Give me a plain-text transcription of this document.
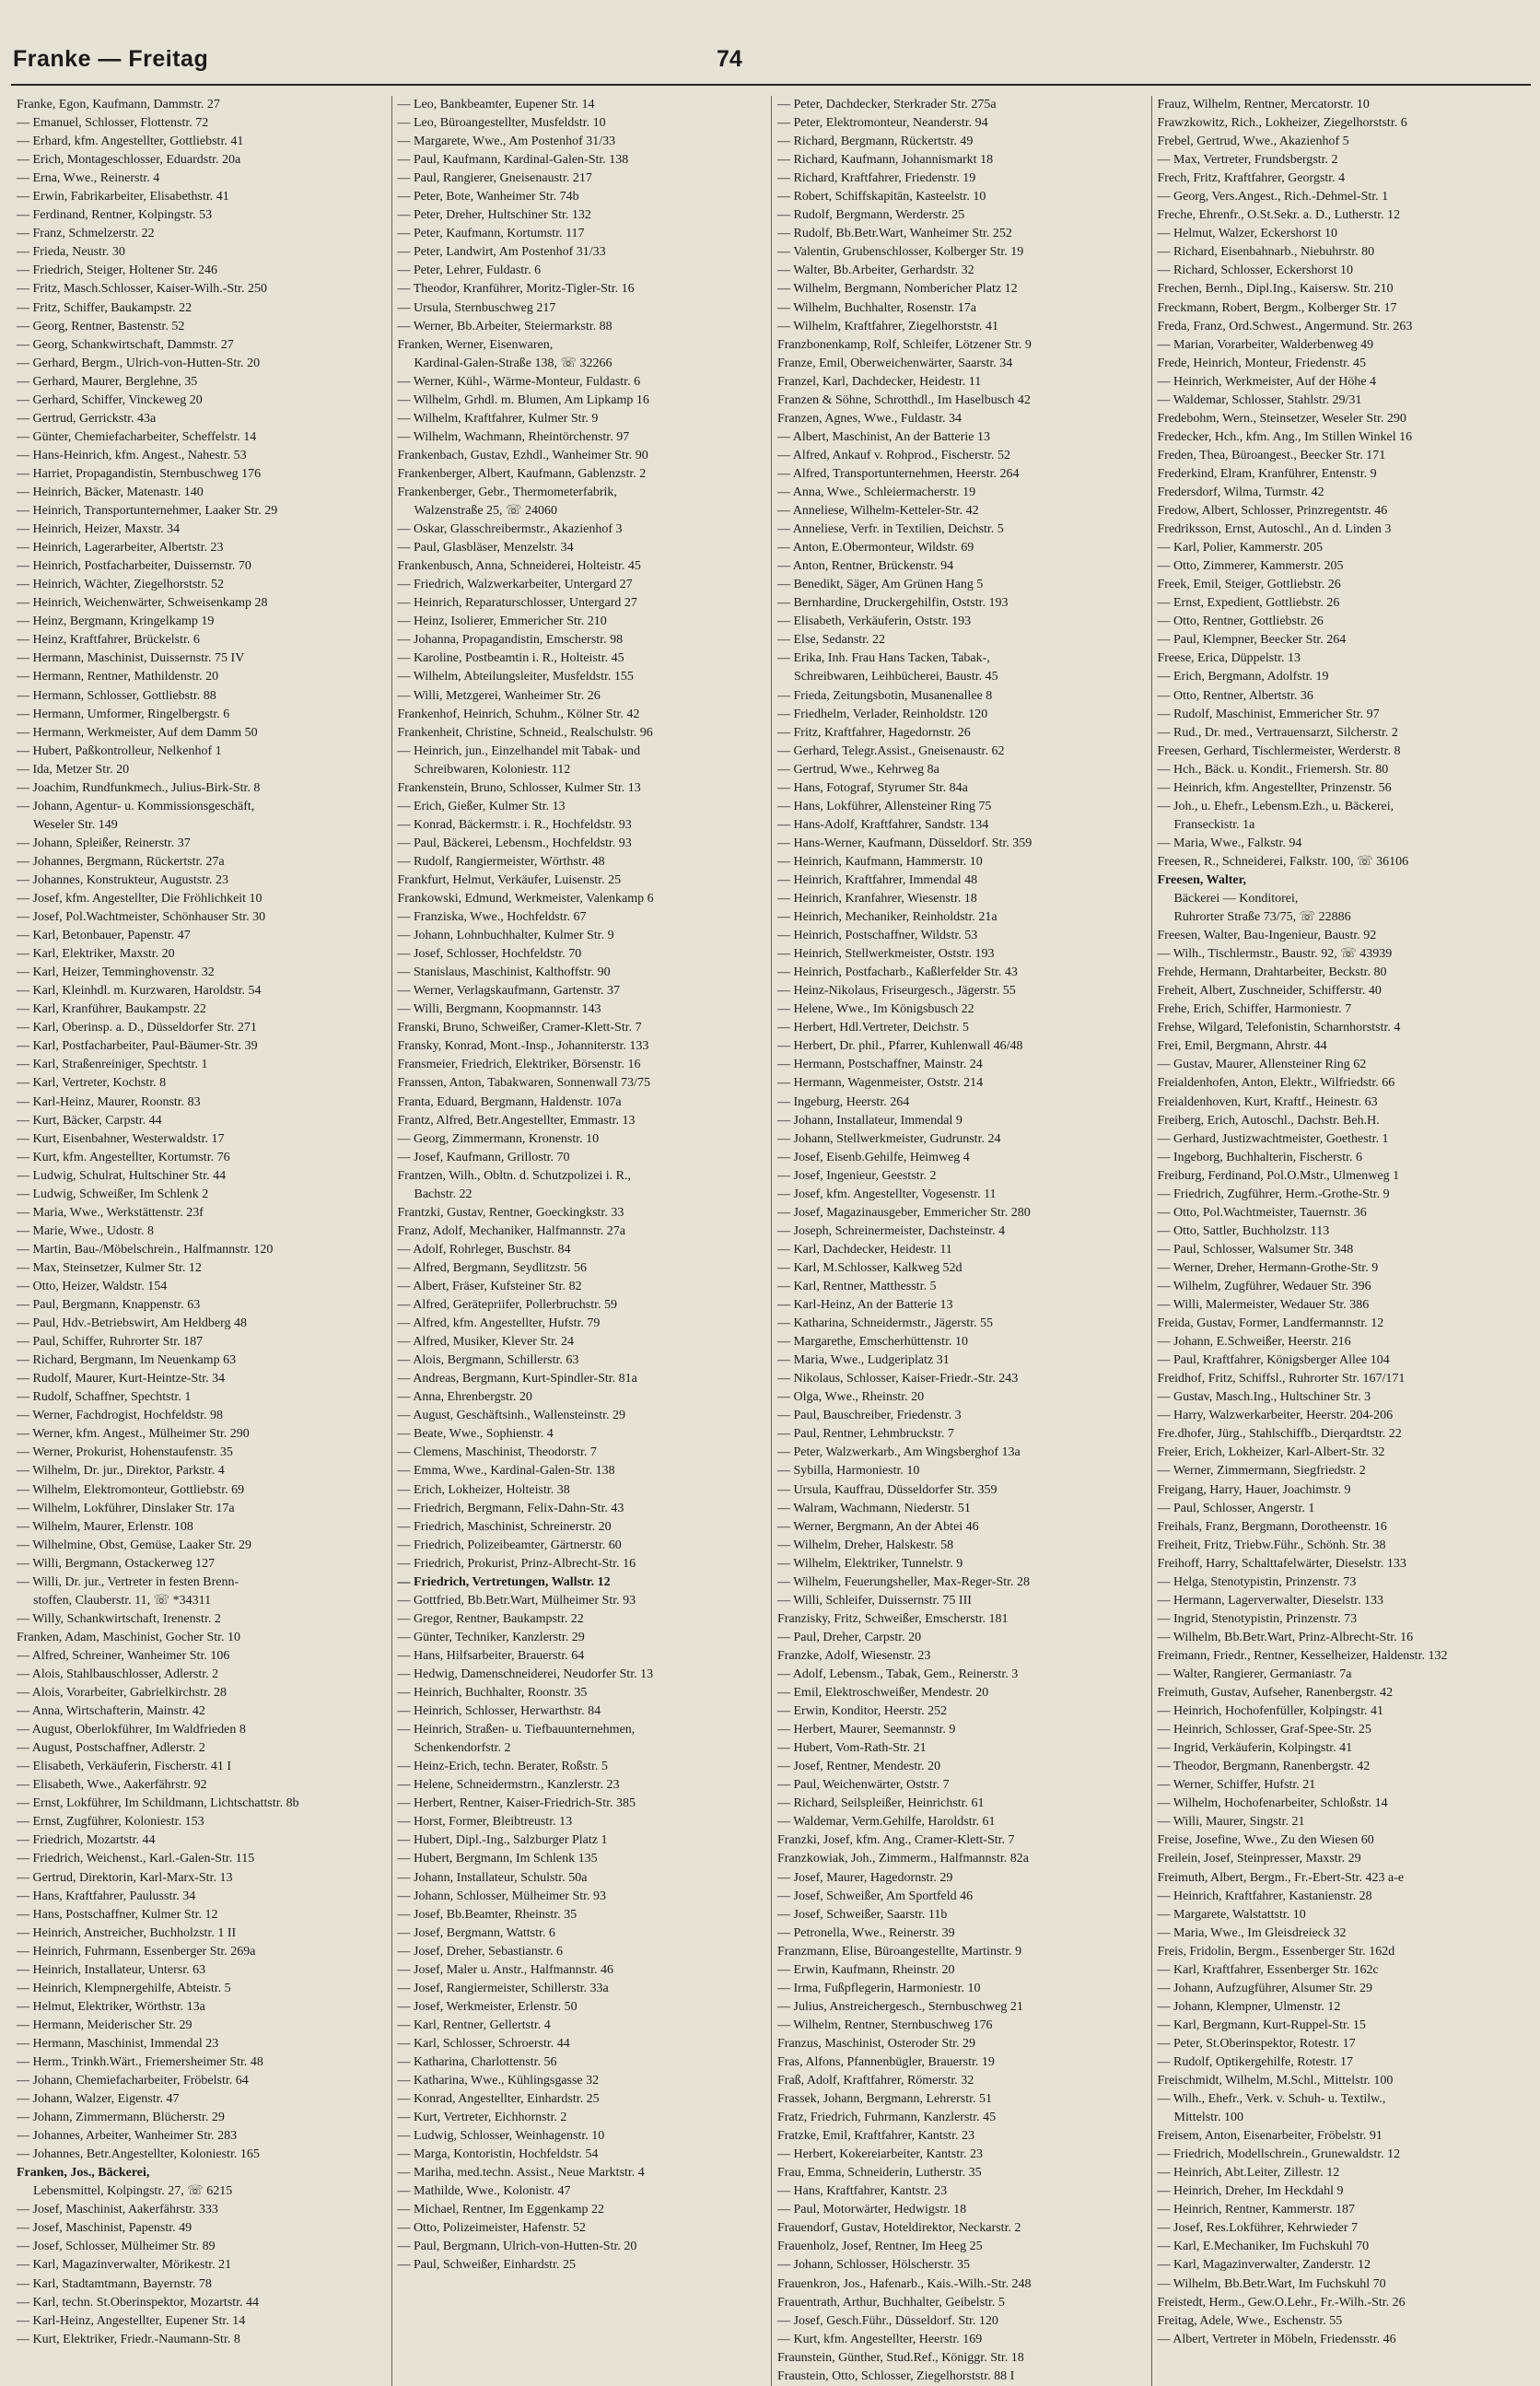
Franke — Freitag	74
Franke, Egon, Kaufmann, Dammstr. 27
— Emanuel, Schlosser, Flottenstr. 72
— Erhard, kfm. Angestellter, Gottliebstr. 41
— Erich, Montageschlosser, Eduardstr. 20a
— Erna, Wwe., Reinerstr. 4
— Erwin, Fabrikarbeiter, Elisabethstr. 41
— Ferdinand, Rentner, Kolpingstr. 53
— Franz, Schmelzerstr. 22
— Frieda, Neustr. 30
— Friedrich, Steiger, Holtener Str. 246
— Fritz, Masch.Schlosser, Kaiser-Wilh.-Str. 250
— Fritz, Schiffer, Baukampstr. 22
— Georg, Rentner, Bastenstr. 52
— Georg, Schankwirtschaft, Dammstr. 27
— Gerhard, Bergm., Ulrich-von-Hutten-Str. 20
— Gerhard, Maurer, Berglehne, 35
— Gerhard, Schiffer, Vinckeweg 20
— Gertrud, Gerrickstr. 43a
— Günter, Chemiefacharbeiter, Scheffelstr. 14
— Hans-Heinrich, kfm. Angest., Nahestr. 53
— Harriet, Propagandistin, Sternbuschweg 176
— Heinrich, Bäcker, Matenastr. 140
— Heinrich, Transportunternehmer, Laaker Str. 29
— Heinrich, Heizer, Maxstr. 34
— Heinrich, Lagerarbeiter, Albertstr. 23
— Heinrich, Postfacharbeiter, Duissernstr. 70
— Heinrich, Wächter, Ziegelhorststr. 52
— Heinrich, Weichenwärter, Schweisenkamp 28
— Heinz, Bergmann, Kringelkamp 19
— Heinz, Kraftfahrer, Brückelstr. 6
— Hermann, Maschinist, Duissernstr. 75 IV
— Hermann, Rentner, Mathildenstr. 20
— Hermann, Schlosser, Gottliebstr. 88
— Hermann, Umformer, Ringelbergstr. 6
— Hermann, Werkmeister, Auf dem Damm 50
— Hubert, Paßkontrolleur, Nelkenhof 1
— Ida, Metzer Str. 20
— Joachim, Rundfunkmech., Julius-Birk-Str. 8
— Johann, Agentur- u. Kommissionsgeschäft,
Weseler Str. 149
— Johann, Spleißer, Reinerstr. 37
— Johannes, Bergmann, Rückertstr. 27a
— Johannes, Konstrukteur, Auguststr. 23
— Josef, kfm. Angestellter, Die Fröhlichkeit 10
— Josef, Pol.Wachtmeister, Schönhauser Str. 30
— Karl, Betonbauer, Papenstr. 47
— Karl, Elektriker, Maxstr. 20
— Karl, Heizer, Temminghovenstr. 32
— Karl, Kleinhdl. m. Kurzwaren, Haroldstr. 54
— Karl, Kranführer, Baukampstr. 22
— Karl, Oberinsp. a. D., Düsseldorfer Str. 271
— Karl, Postfacharbeiter, Paul-Bäumer-Str. 39
— Karl, Straßenreiniger, Spechtstr. 1
— Karl, Vertreter, Kochstr. 8
— Karl-Heinz, Maurer, Roonstr. 83
— Kurt, Bäcker, Carpstr. 44
— Kurt, Eisenbahner, Westerwaldstr. 17
— Kurt, kfm. Angestellter, Kortumstr. 76
— Ludwig, Schulrat, Hultschiner Str. 44
— Ludwig, Schweißer, Im Schlenk 2
— Maria, Wwe., Werkstättenstr. 23f
— Marie, Wwe., Udostr. 8
— Martin, Bau-/Möbelschrein., Halfmannstr. 120
— Max, Steinsetzer, Kulmer Str. 12
— Otto, Heizer, Waldstr. 154
— Paul, Bergmann, Knappenstr. 63
— Paul, Hdv.-Betriebswirt, Am Heldberg 48
— Paul, Schiffer, Ruhrorter Str. 187
— Richard, Bergmann, Im Neuenkamp 63
— Rudolf, Maurer, Kurt-Heintze-Str. 34
— Rudolf, Schaffner, Spechtstr. 1
— Werner, Fachdrogist, Hochfeldstr. 98
— Werner, kfm. Angest., Mülheimer Str. 290
— Werner, Prokurist, Hohenstaufenstr. 35
— Wilhelm, Dr. jur., Direktor, Parkstr. 4
— Wilhelm, Elektromonteur, Gottliebstr. 69
— Wilhelm, Lokführer, Dinslaker Str. 17a
— Wilhelm, Maurer, Erlenstr. 108
— Wilhelmine, Obst, Gemüse, Laaker Str. 29
— Willi, Bergmann, Ostackerweg 127
— Willi, Dr. jur., Vertreter in festen Brenn-
stoffen, Clauberstr. 11, ☏ *34311
— Willy, Schankwirtschaft, Irenenstr. 2
Franken, Adam, Maschinist, Gocher Str. 10
— Alfred, Schreiner, Wanheimer Str. 106
— Alois, Stahlbauschlosser, Adlerstr. 2
— Alois, Vorarbeiter, Gabrielkirchstr. 28
— Anna, Wirtschafterin, Mainstr. 42
— August, Oberlokführer, Im Waldfrieden 8
— August, Postschaffner, Adlerstr. 2
— Elisabeth, Verkäuferin, Fischerstr. 41 I
— Elisabeth, Wwe., Aakerfährstr. 92
— Ernst, Lokführer, Im Schildmann, Lichtschattstr. 8b
— Ernst, Zugführer, Koloniestr. 153
— Friedrich, Mozartstr. 44
— Friedrich, Weichenst., Karl.-Galen-Str. 115
— Gertrud, Direktorin, Karl-Marx-Str. 13
— Hans, Kraftfahrer, Paulusstr. 34
— Hans, Postschaffner, Kulmer Str. 12
— Heinrich, Anstreicher, Buchholzstr. 1 II
— Heinrich, Fuhrmann, Essenberger Str. 269a
— Heinrich, Installateur, Untersr. 63
— Heinrich, Klempnergehilfe, Abteistr. 5
— Helmut, Elektriker, Wörthstr. 13a
— Hermann, Meiderischer Str. 29
— Hermann, Maschinist, Immendal 23
— Herm., Trinkh.Wärt., Friemersheimer Str. 48
— Johann, Chemiefacharbeiter, Fröbelstr. 64
— Johann, Walzer, Eigenstr. 47
— Johann, Zimmermann, Blücherstr. 29
— Johannes, Arbeiter, Wanheimer Str. 283
— Johannes, Betr.Angestellter, Koloniestr. 165
Franken, Jos., Bäckerei,
Lebensmittel, Kolpingstr. 27, ☏ 6215
— Josef, Maschinist, Aakerfährstr. 333
— Josef, Maschinist, Papenstr. 49
— Josef, Schlosser, Mülheimer Str. 89
— Karl, Magazinverwalter, Mörikestr. 21
— Karl, Stadtamtmann, Bayernstr. 78
— Karl, techn. St.Oberinspektor, Mozartstr. 44
— Karl-Heinz, Angestellter, Eupener Str. 14
— Kurt, Elektriker, Friedr.-Naumann-Str. 8
— Leo, Bankbeamter, Eupener Str. 14
— Leo, Büroangestellter, Musfeldstr. 10
— Margarete, Wwe., Am Postenhof 31/33
— Paul, Kaufmann, Kardinal-Galen-Str. 138
— Paul, Rangierer, Gneisenaustr. 217
— Peter, Bote, Wanheimer Str. 74b
— Peter, Dreher, Hultschiner Str. 132
— Peter, Kaufmann, Kortumstr. 117
— Peter, Landwirt, Am Postenhof 31/33
— Peter, Lehrer, Fuldastr. 6
— Theodor, Kranführer, Moritz-Tigler-Str. 16
— Ursula, Sternbuschweg 217
— Werner, Bb.Arbeiter, Steiermarkstr. 88
Franken, Werner, Eisenwaren,
Kardinal-Galen-Straße 138, ☏ 32266
— Werner, Kühl-, Wärme-Monteur, Fuldastr. 6
— Wilhelm, Grhdl. m. Blumen, Am Lipkamp 16
— Wilhelm, Kraftfahrer, Kulmer Str. 9
— Wilhelm, Wachmann, Rheintörchenstr. 97
Frankenbach, Gustav, Ezhdl., Wanheimer Str. 90
Frankenberger, Albert, Kaufmann, Gablenzstr. 2
Frankenberger, Gebr., Thermometerfabrik,
Walzenstraße 25, ☏ 24060
— Oskar, Glasschreibermstr., Akazienhof 3
— Paul, Glasbläser, Menzelstr. 34
Frankenbusch, Anna, Schneiderei, Holteistr. 45
— Friedrich, Walzwerkarbeiter, Untergard 27
— Heinrich, Reparaturschlosser, Untergard 27
— Heinz, Isolierer, Emmericher Str. 210
— Johanna, Propagandistin, Emscherstr. 98
— Karoline, Postbeamtin i. R., Holteistr. 45
— Wilhelm, Abteilungsleiter, Musfeldstr. 155
— Willi, Metzgerei, Wanheimer Str. 26
Frankenhof, Heinrich, Schuhm., Kölner Str. 42
Frankenheit, Christine, Schneid., Realschulstr. 96
— Heinrich, jun., Einzelhandel mit Tabak- und
Schreibwaren, Koloniestr. 112
Frankenstein, Bruno, Schlosser, Kulmer Str. 13
— Erich, Gießer, Kulmer Str. 13
— Konrad, Bäckermstr. i. R., Hochfeldstr. 93
— Paul, Bäckerei, Lebensm., Hochfeldstr. 93
— Rudolf, Rangiermeister, Wörthstr. 48
Frankfurt, Helmut, Verkäufer, Luisenstr. 25
Frankowski, Edmund, Werkmeister, Valenkamp 6
— Franziska, Wwe., Hochfeldstr. 67
— Johann, Lohnbuchhalter, Kulmer Str. 9
— Josef, Schlosser, Hochfeldstr. 70
— Stanislaus, Maschinist, Kalthoffstr. 90
— Werner, Verlagskaufmann, Gartenstr. 37
— Willi, Bergmann, Koopmannstr. 143
Franski, Bruno, Schweißer, Cramer-Klett-Str. 7
Fransky, Konrad, Mont.-Insp., Johanniterstr. 133
Fransmeier, Friedrich, Elektriker, Börsenstr. 16
Franssen, Anton, Tabakwaren, Sonnenwall 73/75
Franta, Eduard, Bergmann, Haldenstr. 107a
Frantz, Alfred, Betr.Angestellter, Emmastr. 13
— Georg, Zimmermann, Kronenstr. 10
— Josef, Kaufmann, Grillostr. 70
Frantzen, Wilh., Obltn. d. Schutzpolizei i. R.,
Bachstr. 22
Frantzki, Gustav, Rentner, Goeckingkstr. 33
Franz, Adolf, Mechaniker, Halfmannstr. 27a
— Adolf, Rohrleger, Buschstr. 84
— Alfred, Bergmann, Seydlitzstr. 56
— Albert, Fräser, Kufsteiner Str. 82
— Alfred, Gerätepriifer, Pollerbruchstr. 59
— Alfred, kfm. Angestellter, Hufstr. 79
— Alfred, Musiker, Klever Str. 24
— Alois, Bergmann, Schillerstr. 63
— Andreas, Bergmann, Kurt-Spindler-Str. 81a
— Anna, Ehrenbergstr. 20
— August, Geschäftsinh., Wallensteinstr. 29
— Beate, Wwe., Sophienstr. 4
— Clemens, Maschinist, Theodorstr. 7
— Emma, Wwe., Kardinal-Galen-Str. 138
— Erich, Lokheizer, Holteistr. 38
— Friedrich, Bergmann, Felix-Dahn-Str. 43
— Friedrich, Maschinist, Schreinerstr. 20
— Friedrich, Polizeibeamter, Gärtnerstr. 60
— Friedrich, Prokurist, Prinz-Albrecht-Str. 16
— Friedrich, Vertretungen, Wallstr. 12
— Gottfried, Bb.Betr.Wart, Mülheimer Str. 93
— Gregor, Rentner, Baukampstr. 22
— Günter, Techniker, Kanzlerstr. 29
— Hans, Hilfsarbeiter, Brauerstr. 64
— Hedwig, Damenschneiderei, Neudorfer Str. 13
— Heinrich, Buchhalter, Roonstr. 35
— Heinrich, Schlosser, Herwarthstr. 84
— Heinrich, Straßen- u. Tiefbauunternehmen,
Schenkendorfstr. 2
— Heinz-Erich, techn. Berater, Roßstr. 5
— Helene, Schneidermstrn., Kanzlerstr. 23
— Herbert, Rentner, Kaiser-Friedrich-Str. 385
— Horst, Former, Bleibtreustr. 13
— Hubert, Dipl.-Ing., Salzburger Platz 1
— Hubert, Bergmann, Im Schlenk 135
— Johann, Installateur, Schulstr. 50a
— Johann, Schlosser, Mülheimer Str. 93
— Josef, Bb.Beamter, Rheinstr. 35
— Josef, Bergmann, Wattstr. 6
— Josef, Dreher, Sebastianstr. 6
— Josef, Maler u. Anstr., Halfmannstr. 46
— Josef, Rangiermeister, Schillerstr. 33a
— Josef, Werkmeister, Erlenstr. 50
— Karl, Rentner, Gellertstr. 4
— Karl, Schlosser, Schroerstr. 44
— Katharina, Charlottenstr. 56
— Katharina, Wwe., Kühlingsgasse 32
— Konrad, Angestellter, Einhardstr. 25
— Kurt, Vertreter, Eichhornstr. 2
— Ludwig, Schlosser, Weinhagenstr. 10
— Marga, Kontoristin, Hochfeldstr. 54
— Mariha, med.techn. Assist., Neue Marktstr. 4
— Mathilde, Wwe., Kolonistr. 47
— Michael, Rentner, Im Eggenkamp 22
— Otto, Polizeimeister, Hafenstr. 52
— Paul, Bergmann, Ulrich-von-Hutten-Str. 20
— Paul, Schweißer, Einhardstr. 25
— Peter, Dachdecker, Sterkrader Str. 275a
— Peter, Elektromonteur, Neanderstr. 94
— Richard, Bergmann, Rückertstr. 49
— Richard, Kaufmann, Johannismarkt 18
— Richard, Kraftfahrer, Friedenstr. 19
— Robert, Schiffskapitän, Kasteelstr. 10
— Rudolf, Bergmann, Werderstr. 25
— Rudolf, Bb.Betr.Wart, Wanheimer Str. 252
— Valentin, Grubenschlosser, Kolberger Str. 19
— Walter, Bb.Arbeiter, Gerhardstr. 32
— Wilhelm, Bergmann, Nombericher Platz 12
— Wilhelm, Buchhalter, Rosenstr. 17a
— Wilhelm, Kraftfahrer, Ziegelhorststr. 41
Franzbonenkamp, Rolf, Schleifer, Lötzener Str. 9
Franze, Emil, Oberweichenwärter, Saarstr. 34
Franzel, Karl, Dachdecker, Heidestr. 11
Franzen & Söhne, Schrotthdl., Im Haselbusch 42
Franzen, Agnes, Wwe., Fuldastr. 34
— Albert, Maschinist, An der Batterie 13
— Alfred, Ankauf v. Rohprod., Fischerstr. 52
— Alfred, Transportunternehmen, Heerstr. 264
— Anna, Wwe., Schleiermacherstr. 19
— Anneliese, Wilhelm-Ketteler-Str. 42
— Anneliese, Verfr. in Textilien, Deichstr. 5
— Anton, E.Obermonteur, Wildstr. 69
— Anton, Rentner, Brückenstr. 94
— Benedikt, Säger, Am Grünen Hang 5
— Bernhardine, Druckergehilfin, Oststr. 193
— Elisabeth, Verkäuferin, Oststr. 193
— Else, Sedanstr. 22
— Erika, Inh. Frau Hans Tacken, Tabak-,
Schreibwaren, Leihbücherei, Baustr. 45
— Frieda, Zeitungsbotin, Musanenallee 8
— Friedhelm, Verlader, Reinholdstr. 120
— Fritz, Kraftfahrer, Hagedornstr. 26
— Gerhard, Telegr.Assist., Gneisenaustr. 62
— Gertrud, Wwe., Kehrweg 8a
— Hans, Fotograf, Styrumer Str. 84a
— Hans, Lokführer, Allensteiner Ring 75
— Hans-Adolf, Kraftfahrer, Sandstr. 134
— Hans-Werner, Kaufmann, Düsseldorf. Str. 359
— Heinrich, Kaufmann, Hammerstr. 10
— Heinrich, Kraftfahrer, Immendal 48
— Heinrich, Kranfahrer, Wiesenstr. 18
— Heinrich, Mechaniker, Reinholdstr. 21a
— Heinrich, Postschaffner, Wildstr. 53
— Heinrich, Stellwerkmeister, Oststr. 193
— Heinrich, Postfacharb., Kaßlerfelder Str. 43
— Heinz-Nikolaus, Friseurgesch., Jägerstr. 55
— Helene, Wwe., Im Königsbusch 22
— Herbert, Hdl.Vertreter, Deichstr. 5
— Herbert, Dr. phil., Pfarrer, Kuhlenwall 46/48
— Hermann, Postschaffner, Mainstr. 24
— Hermann, Wagenmeister, Oststr. 214
— Ingeburg, Heerstr. 264
— Johann, Installateur, Immendal 9
— Johann, Stellwerkmeister, Gudrunstr. 24
— Josef, Eisenb.Gehilfe, Heimweg 4
— Josef, Ingenieur, Geeststr. 2
— Josef, kfm. Angestellter, Vogesenstr. 11
— Josef, Magazinausgeber, Emmericher Str. 280
— Joseph, Schreinermeister, Dachsteinstr. 4
— Karl, Dachdecker, Heidestr. 11
— Karl, M.Schlosser, Kalkweg 52d
— Karl, Rentner, Matthesstr. 5
— Karl-Heinz, An der Batterie 13
— Katharina, Schneidermstr., Jägerstr. 55
— Margarethe, Emscherhüttenstr. 10
— Maria, Wwe., Ludgeriplatz 31
— Nikolaus, Schlosser, Kaiser-Friedr.-Str. 243
— Olga, Wwe., Rheinstr. 20
— Paul, Bauschreiber, Friedenstr. 3
— Paul, Rentner, Lehmbruckstr. 7
— Peter, Walzwerkarb., Am Wingsberghof 13a
— Sybilla, Harmoniestr. 10
— Ursula, Kauffrau, Düsseldorfer Str. 359
— Walram, Wachmann, Niederstr. 51
— Werner, Bergmann, An der Abtei 46
— Wilhelm, Dreher, Halskestr. 58
— Wilhelm, Elektriker, Tunnelstr. 9
— Wilhelm, Feuerungsheller, Max-Reger-Str. 28
— Willi, Schleifer, Duissernstr. 75 III
Franzisky, Fritz, Schweißer, Emscherstr. 181
— Paul, Dreher, Carpstr. 20
Franzke, Adolf, Wiesenstr. 23
— Adolf, Lebensm., Tabak, Gem., Reinerstr. 3
— Emil, Elektroschweißer, Mendestr. 20
— Erwin, Konditor, Heerstr. 252
— Herbert, Maurer, Seemannstr. 9
— Hubert, Vom-Rath-Str. 21
— Josef, Rentner, Mendestr. 20
— Paul, Weichenwärter, Oststr. 7
— Richard, Seilspleißer, Heinrichstr. 61
— Waldemar, Verm.Gehilfe, Haroldstr. 61
Franzki, Josef, kfm. Ang., Cramer-Klett-Str. 7
Franzkowiak, Joh., Zimmerm., Halfmannstr. 82a
— Josef, Maurer, Hagedornstr. 29
— Josef, Schweißer, Am Sportfeld 46
— Josef, Schweißer, Saarstr. 11b
— Petronella, Wwe., Reinerstr. 39
Franzmann, Elise, Büroangestellte, Martinstr. 9
— Erwin, Kaufmann, Rheinstr. 20
— Irma, Fußpflegerin, Harmoniestr. 10
— Julius, Anstreichergesch., Sternbuschweg 21
— Wilhelm, Rentner, Sternbuschweg 176
Franzus, Maschinist, Osteroder Str. 29
Fras, Alfons, Pfannenbügler, Brauerstr. 19
Fraß, Adolf, Kraftfahrer, Römerstr. 32
Frassek, Johann, Bergmann, Lehrerstr. 51
Fratz, Friedrich, Fuhrmann, Kanzlerstr. 45
Fratzke, Emil, Kraftfahrer, Kantstr. 23
— Herbert, Kokereiarbeiter, Kantstr. 23
Frau, Emma, Schneiderin, Lutherstr. 35
— Hans, Kraftfahrer, Kantstr. 23
— Paul, Motorwärter, Hedwigstr. 18
Frauendorf, Gustav, Hoteldirektor, Neckarstr. 2
Frauenholz, Josef, Rentner, Im Heeg 25
— Johann, Schlosser, Hölscherstr. 35
Frauenkron, Jos., Hafenarb., Kais.-Wilh.-Str. 248
Frauentrath, Arthur, Buchhalter, Geibelstr. 5
— Josef, Gesch.Führ., Düsseldorf. Str. 120
— Kurt, kfm. Angestellter, Heerstr. 169
Fraunstein, Günther, Stud.Ref., Königgr. Str. 18
Fraustein, Otto, Schlosser, Ziegelhorststr. 88 I
Frauz, Wilhelm, Rentner, Mercatorstr. 10
Frawzkowitz, Rich., Lokheizer, Ziegelhorststr. 6
Frebel, Gertrud, Wwe., Akazienhof 5
— Max, Vertreter, Frundsbergstr. 2
Frech, Fritz, Kraftfahrer, Georgstr. 4
— Georg, Vers.Angest., Rich.-Dehmel-Str. 1
Freche, Ehrenfr., O.St.Sekr. a. D., Lutherstr. 12
— Helmut, Walzer, Eckershorst 10
— Richard, Eisenbahnarb., Niebuhrstr. 80
— Richard, Schlosser, Eckershorst 10
Frechen, Bernh., Dipl.Ing., Kaisersw. Str. 210
Freckmann, Robert, Bergm., Kolberger Str. 17
Freda, Franz, Ord.Schwest., Angermund. Str. 263
— Marian, Vorarbeiter, Walderbenweg 49
Frede, Heinrich, Monteur, Friedenstr. 45
— Heinrich, Werkmeister, Auf der Höhe 4
— Waldemar, Schlosser, Stahlstr. 29/31
Fredebohm, Wern., Steinsetzer, Weseler Str. 290
Fredecker, Hch., kfm. Ang., Im Stillen Winkel 16
Freden, Thea, Büroangest., Beecker Str. 171
Frederkind, Elram, Kranführer, Entenstr. 9
Fredersdorf, Wilma, Turmstr. 42
Fredow, Albert, Schlosser, Prinzregentstr. 46
Fredriksson, Ernst, Autoschl., An d. Linden 3
— Karl, Polier, Kammerstr. 205
— Otto, Zimmerer, Kammerstr. 205
Freek, Emil, Steiger, Gottliebstr. 26
— Ernst, Expedient, Gottliebstr. 26
— Otto, Rentner, Gottliebstr. 26
— Paul, Klempner, Beecker Str. 264
Freese, Erica, Düppelstr. 13
— Erich, Bergmann, Adolfstr. 19
— Otto, Rentner, Albertstr. 36
— Rudolf, Maschinist, Emmericher Str. 97
— Rud., Dr. med., Vertrauensarzt, Silcherstr. 2
Freesen, Gerhard, Tischlermeister, Werderstr. 8
— Hch., Bäck. u. Kondit., Friemersh. Str. 80
— Heinrich, kfm. Angestellter, Prinzenstr. 56
— Joh., u. Ehefr., Lebensm.Ezh., u. Bäckerei,
Franseckistr. 1a
— Maria, Wwe., Falkstr. 94
Freesen, R., Schneiderei, Falkstr. 100, ☏ 36106
Freesen, Walter,
Bäckerei — Konditorei,
Ruhrorter Straße 73/75, ☏ 22886
Freesen, Walter, Bau-Ingenieur, Baustr. 92
— Wilh., Tischlermstr., Baustr. 92, ☏ 43939
Frehde, Hermann, Drahtarbeiter, Beckstr. 80
Freheit, Albert, Zuschneider, Schifferstr. 40
Frehe, Erich, Schiffer, Harmoniestr. 7
Frehse, Wilgard, Telefonistin, Scharnhorststr. 4
Frei, Emil, Bergmann, Ahrstr. 44
— Gustav, Maurer, Allensteiner Ring 62
Freialdenhofen, Anton, Elektr., Wilfriedstr. 66
Freialdenhoven, Kurt, Kraftf., Heinestr. 63
Freiberg, Erich, Autoschl., Dachstr. Beh.H.
— Gerhard, Justizwachtmeister, Goethestr. 1
— Ingeborg, Buchhalterin, Fischerstr. 6
Freiburg, Ferdinand, Pol.O.Mstr., Ulmenweg 1
— Friedrich, Zugführer, Herm.-Grothe-Str. 9
— Otto, Pol.Wachtmeister, Tauernstr. 36
— Otto, Sattler, Buchholzstr. 113
— Paul, Schlosser, Walsumer Str. 348
— Werner, Dreher, Hermann-Grothe-Str. 9
— Wilhelm, Zugführer, Wedauer Str. 396
— Willi, Malermeister, Wedauer Str. 386
Freida, Gustav, Former, Landfermannstr. 12
— Johann, E.Schweißer, Heerstr. 216
— Paul, Kraftfahrer, Königsberger Allee 104
Freidhof, Fritz, Schiffsl., Ruhrorter Str. 167/171
— Gustav, Masch.Ing., Hultschiner Str. 3
— Harry, Walzwerkarbeiter, Heerstr. 204-206
Fre.dhofer, Jürg., Stahlschiffb., Dierqardtstr. 22
Freier, Erich, Lokheizer, Karl-Albert-Str. 32
— Werner, Zimmermann, Siegfriedstr. 2
Freigang, Harry, Hauer, Joachimstr. 9
— Paul, Schlosser, Angerstr. 1
Freihals, Franz, Bergmann, Dorotheenstr. 16
Freiheit, Fritz, Triebw.Führ., Schönh. Str. 38
Freihoff, Harry, Schalttafelwärter, Dieselstr. 133
— Helga, Stenotypistin, Prinzenstr. 73
— Hermann, Lagerverwalter, Dieselstr. 133
— Ingrid, Stenotypistin, Prinzenstr. 73
— Wilhelm, Bb.Betr.Wart, Prinz-Albrecht-Str. 16
Freimann, Friedr., Rentner, Kesselheizer, Haldenstr. 132
— Walter, Rangierer, Germaniastr. 7a
Freimuth, Gustav, Aufseher, Ranenbergstr. 42
— Heinrich, Hochofenfüller, Kolpingstr. 41
— Heinrich, Schlosser, Graf-Spee-Str. 25
— Ingrid, Verkäuferin, Kolpingstr. 41
— Theodor, Bergmann, Ranenbergstr. 42
— Werner, Schiffer, Hufstr. 21
— Wilhelm, Hochofenarbeiter, Schloßstr. 14
— Willi, Maurer, Singstr. 21
Freise, Josefine, Wwe., Zu den Wiesen 60
Freilein, Josef, Steinpresser, Maxstr. 29
Freimuth, Albert, Bergm., Fr.-Ebert-Str. 423 a-e
— Heinrich, Kraftfahrer, Kastanienstr. 28
— Margarete, Walstattstr. 10
— Maria, Wwe., Im Gleisdreieck 32
Freis, Fridolin, Bergm., Essenberger Str. 162d
— Karl, Kraftfahrer, Essenberger Str. 162c
— Johann, Aufzugführer, Alsumer Str. 29
— Johann, Klempner, Ulmenstr. 12
— Karl, Bergmann, Kurt-Ruppel-Str. 15
— Peter, St.Oberinspektor, Rotestr. 17
— Rudolf, Optikergehilfe, Rotestr. 17
Freischmidt, Wilhelm, M.Schl., Mittelstr. 100
— Wilh., Ehefr., Verk. v. Schuh- u. Textilw.,
Mittelstr. 100
Freisem, Anton, Eisenarbeiter, Fröbelstr. 91
— Friedrich, Modellschrein., Grunewaldstr. 12
— Heinrich, Abt.Leiter, Zillestr. 12
— Heinrich, Dreher, Im Heckdahl 9
— Heinrich, Rentner, Kammerstr. 187
— Josef, Res.Lokführer, Kehrwieder 7
— Karl, E.Mechaniker, Im Fuchskuhl 70
— Karl, Magazinverwalter, Zanderstr. 12
— Wilhelm, Bb.Betr.Wart, Im Fuchskuhl 70
Freistedt, Herm., Gew.O.Lehr., Fr.-Wilh.-Str. 26
Freitag, Adele, Wwe., Eschenstr. 55
— Albert, Vertreter in Möbeln, Friedensstr. 46
